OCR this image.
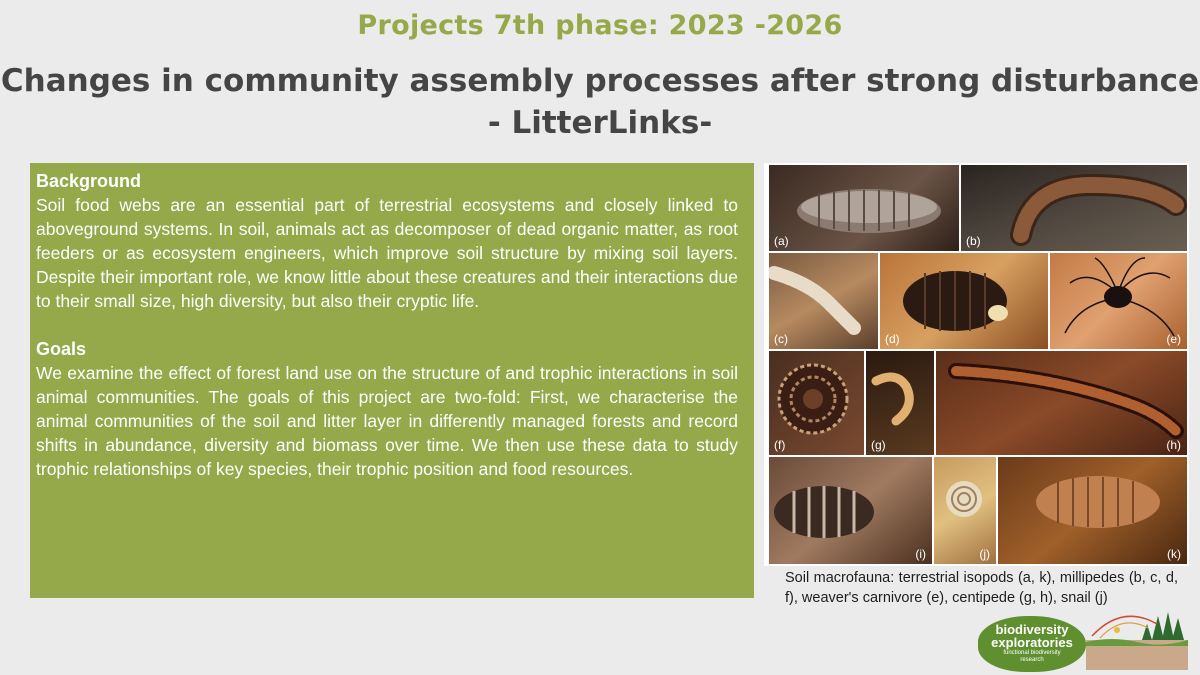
Projects 7th phase: 2023 -2026
Changes in community assembly processes after strong disturbance
- LitterLinks-
Background

Soil food webs are an essential part of terrestrial ecosystems and closely linked to aboveground systems. In soil, animals act as decomposer of dead organic matter, as root feeders or as ecosystem engineers, which improve soil structure by mixing soil layers. Despite their important role, we know little about these creatures and their interactions due to their small size, high diversity, but also their cryptic life.

Goals

We examine the effect of forest land use on the structure of and trophic interactions in soil animal communities. The goals of this project are two-fold: First, we characterise the animal communities of the soil and litter layer in differently managed forests and record shifts in abundance, diversity and biomass over time. We then use these data to study trophic relationships of key species, their trophic position and food resources.

(a)	(b)
(c)	(d)	(e)
(f)	(g)	(h)
(i)	(j)	(k)
Soil macrofauna: terrestrial isopods (a, k), millipedes (b, c, d, f), weaver's carnivore (e), centipede (g, h), snail (j)
biodiversity
exploratories
functional biodiversity
research
